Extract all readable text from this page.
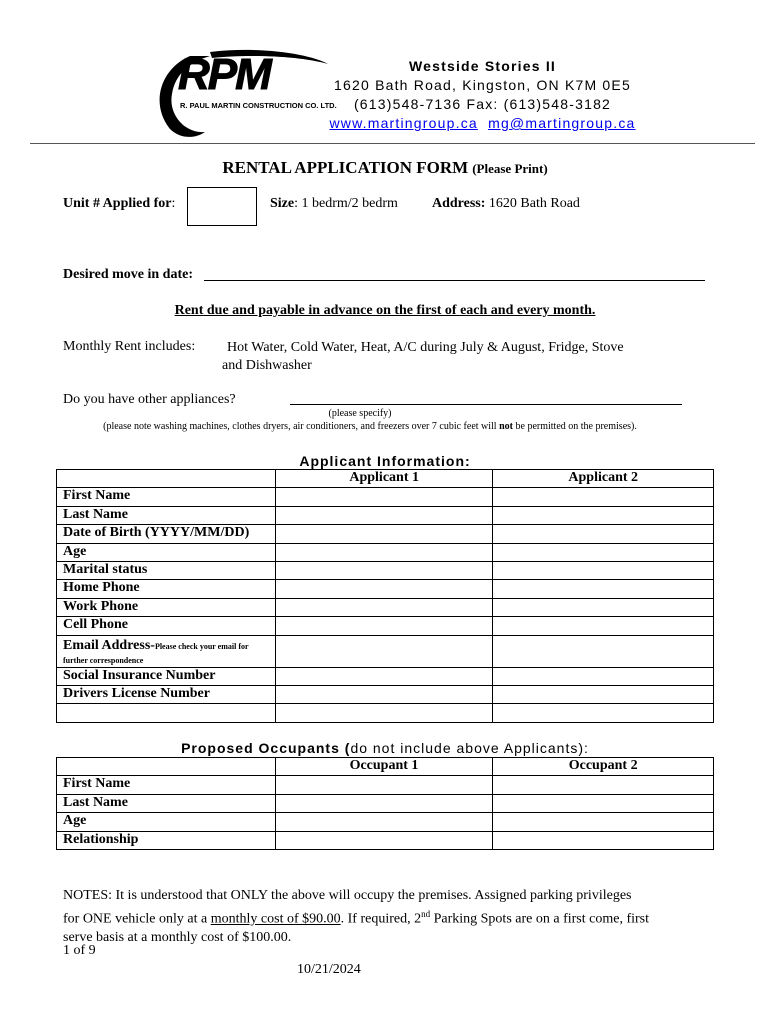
RPM
R. PAUL MARTIN CONSTRUCTION CO. LTD.
Westside Stories II
1620 Bath Road, Kingston, ON K7M 0E5
(613)548-7136 Fax: (613)548-3182
www.martingroup.ca mg@martingroup.ca
RENTAL APPLICATION FORM (Please Print)
Unit # Applied for:	Size: 1 bedrm/2 bedrm Address: 1620 Bath Road
Desired move in date:
Rent due and payable in advance on the first of each and every month.
Monthly Rent includes:	Hot Water, Cold Water, Heat, A/C during July & August, Fridge, Stove
and Dishwasher
Do you have other appliances?
(please specify)
(please note washing machines, clothes dryers, air conditioners, and freezers over 7 cubic feet will not be permitted on the premises).
Applicant Information:
	Applicant 1	Applicant 2
First Name		
Last Name		
Date of Birth (YYYY/MM/DD)		
Age		
Marital status		
Home Phone		
Work Phone		
Cell Phone		
Email Address-Please check your email for
further correspondence		
Social Insurance Number		
Drivers License Number		

Proposed Occupants (do not include above Applicants):
	Occupant 1	Occupant 2
First Name		
Last Name		
Age		
Relationship		
NOTES: It is understood that ONLY the above will occupy the premises. Assigned parking privileges
for ONE vehicle only at a monthly cost of $90.00. If required, 2nd Parking Spots are on a first come, first
serve basis at a monthly cost of $100.00.
1 of 9
10/21/2024
